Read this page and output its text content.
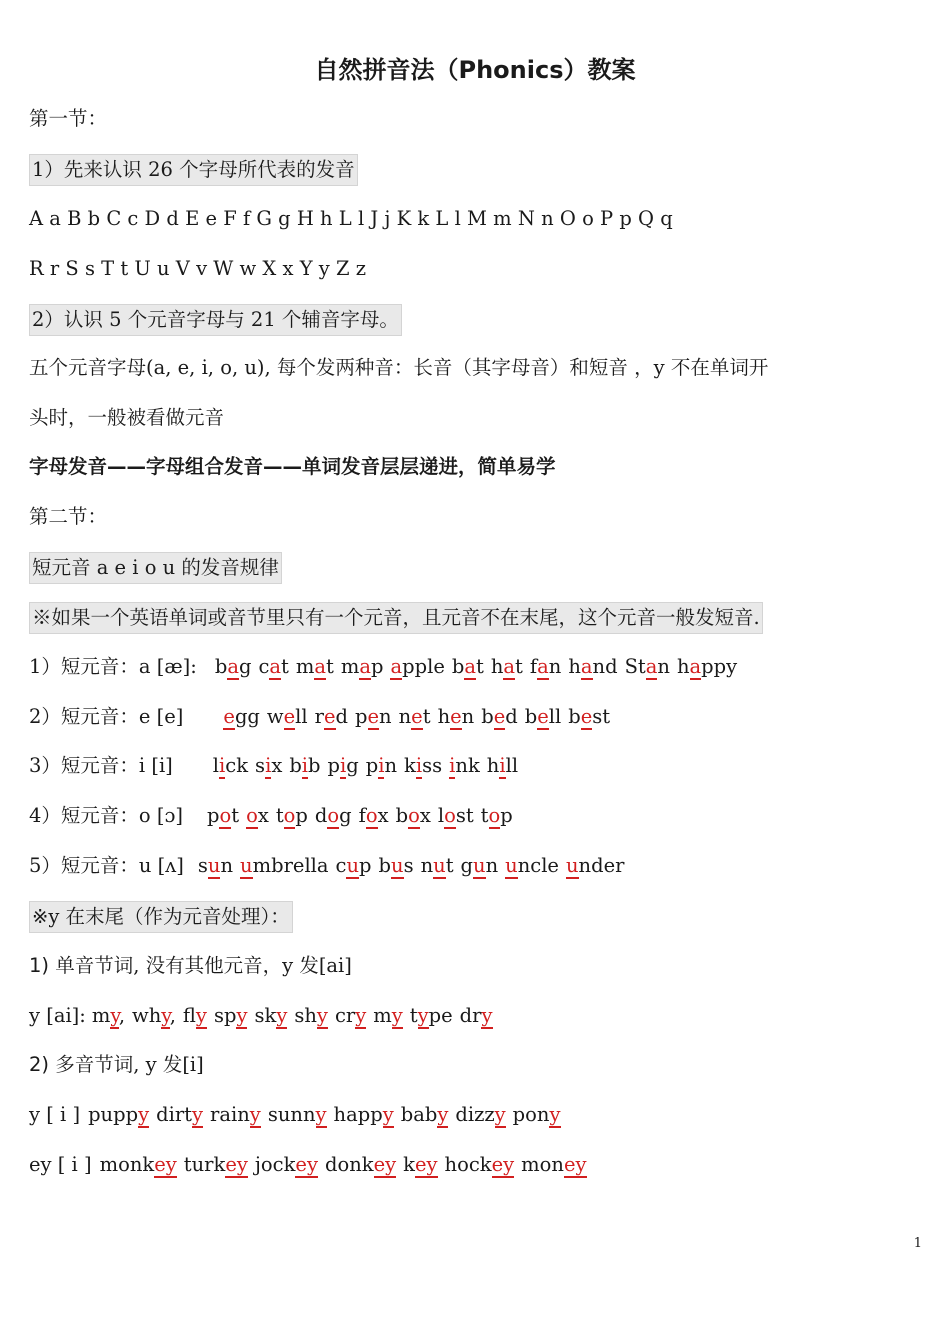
自然拼音法（Phonics）教案
第一节：
1）先来认识 26 个字母所代表的发音
A a B b C c D d E e F f G g H h L l J j K k L l M m N n O o P p Q q
R r S s T t U u V v W w X x Y y Z z
2）认识 5 个元音字母与 21 个辅音字母。
五个元音字母(a, e, i, o, u), 每个发两种音：长音（其字母音）和短音 ，y 不在单词开
头时，一般被看做元音
字母发音——字母组合发音——单词发音层层递进，简单易学
第二节：
短元音 a e i o u 的发音规律
※如果一个英语单词或音节里只有一个元音，且元音不在末尾，这个元音一般发短音.
1）短元音：a [æ]: bag cat mat map apple bat hat fan hand Stan happy
2）短元音：e [e] egg well red pen net hen bed bell best
3）短元音：i [i] lick six bib pig pin kiss ink hill
4）短元音：o [ɔ] pot ox top dog fox box lost top
5）短元音：u [ʌ] sun umbrella cup bus nut gun uncle under
※y 在末尾（作为元音处理）：
1) 单音节词, 没有其他元音，y 发[ai]
y [ai]: my, why, fly spy sky shy cry my type dry
2) 多音节词, y 发[i]
y [ i ] puppy dirty rainy sunny happy baby dizzy pony
ey [ i ] monkey turkey jockey donkey key hockey money
1
